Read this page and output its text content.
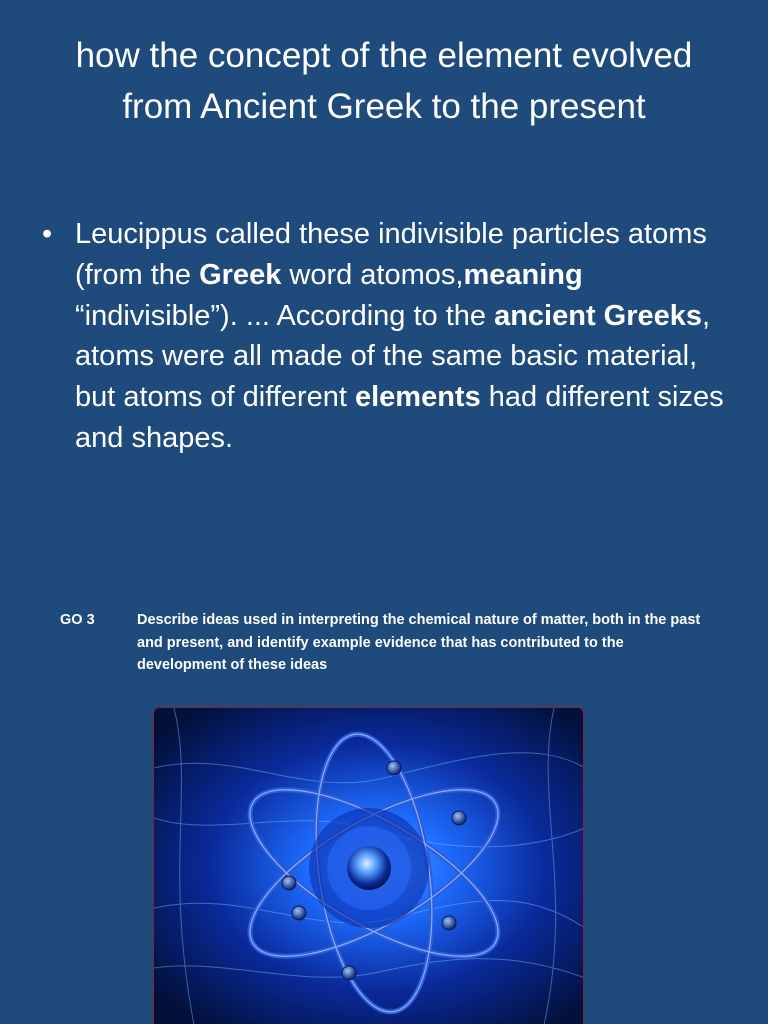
how the concept of the element evolved from Ancient Greek to the present
• Leucippus called these indivisible particles atoms (from the Greek word atomos,meaning “indivisible”). ... According to the ancient Greeks, atoms were all made of the same basic material, but atoms of different elements had different sizes and shapes.
GO 3	Describe ideas used in interpreting the chemical nature of matter, both in the past and present, and identify example evidence that has contributed to the development of these ideas
